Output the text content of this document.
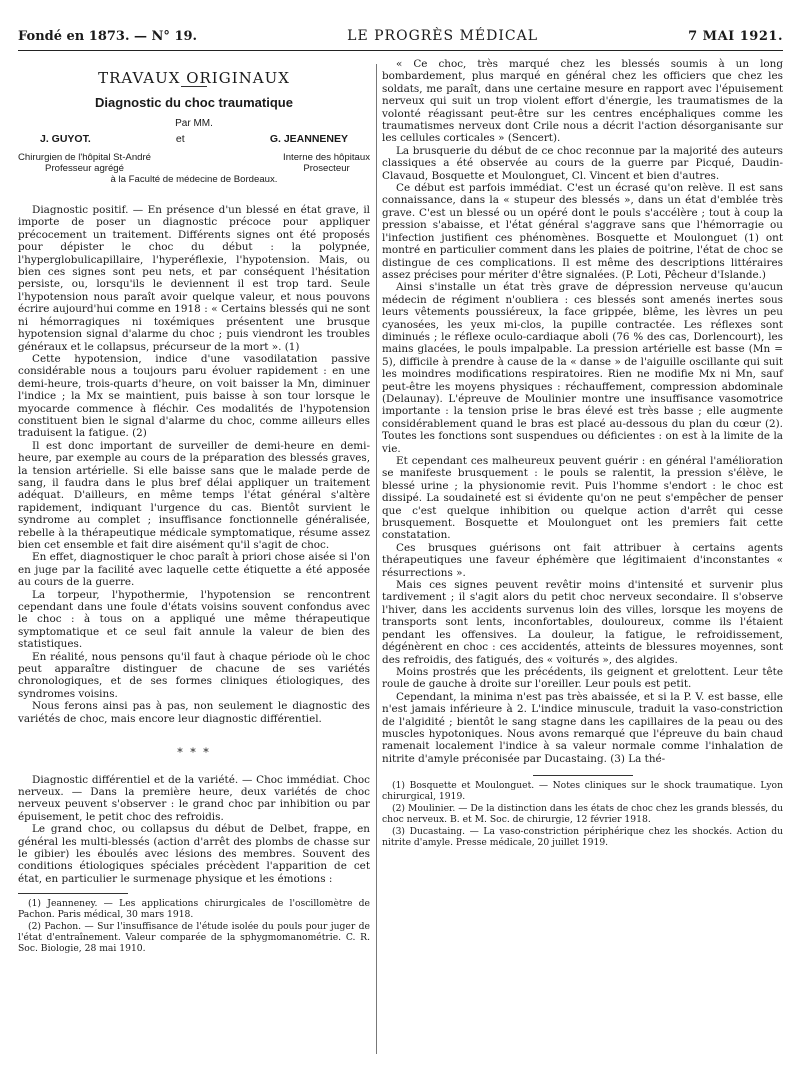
Fondé en 1873. — N° 19.	LE PROGRÈS MÉDICAL	7 MAI 1921.
TRAVAUX ORIGINAUX
Diagnostic du choc traumatique
Par MM.
J. GUYOT.	et	G. JEANNENEY
Chirurgien de l'hôpital St-André
Professeur agrégé
Interne des hôpitaux
Prosecteur
à la Faculté de médecine de Bordeaux.

Diagnostic positif. — En présence d'un blessé en état grave, il importe de poser un diagnostic précoce pour appliquer précocement un traitement. Différents signes ont été proposés pour dépister le choc du début : la polypnée, l'hyperglobulicapillaire, l'hyperéflexie, l'hypotension. Mais, ou bien ces signes sont peu nets, et par conséquent l'hésitation persiste, ou, lorsqu'ils le deviennent il est trop tard. Seule l'hypotension nous paraît avoir quelque valeur, et nous pouvons écrire aujourd'hui comme en 1918 : « Certains blessés qui ne sont ni hémorragiques ni toxémiques présentent une brusque hypotension signal d'alarme du choc ; puis viendront les troubles généraux et le collapsus, précurseur de la mort ». (1)

Cette hypotension, indice d'une vasodilatation passive considérable nous a toujours paru évoluer rapidement : en une demi-heure, trois-quarts d'heure, on voit baisser la Mn, diminuer l'indice ; la Mx se maintient, puis baisse à son tour lorsque le myocarde commence à fléchir. Ces modalités de l'hypotension constituent bien le signal d'alarme du choc, comme ailleurs elles traduisent la fatigue. (2)

Il est donc important de surveiller de demi-heure en demi-heure, par exemple au cours de la préparation des blessés graves, la tension artérielle. Si elle baisse sans que le malade perde de sang, il faudra dans le plus bref délai appliquer un traitement adéquat. D'ailleurs, en même temps l'état général s'altère rapidement, indiquant l'urgence du cas. Bientôt survient le syndrome au complet ; insuffisance fonctionnelle généralisée, rebelle à la thérapeutique médicale symptomatique, résume assez bien cet ensemble et fait dire aisément qu'il s'agit de choc.

En effet, diagnostiquer le choc paraît à priori chose aisée si l'on en juge par la facilité avec laquelle cette étiquette a été apposée au cours de la guerre.

La torpeur, l'hypothermie, l'hypotension se rencontrent cependant dans une foule d'états voisins souvent confondus avec le choc : à tous on a appliqué une même thérapeutique symptomatique et ce seul fait annule la valeur de bien des statistiques.

En réalité, nous pensons qu'il faut à chaque période où le choc peut apparaître distinguer de chacune de ses variétés chronologiques, et de ses formes cliniques étiologiques, des syndromes voisins.

Nous ferons ainsi pas à pas, non seulement le diagnostic des variétés de choc, mais encore leur diagnostic différentiel.

* * *

Diagnostic différentiel et de la variété. — Choc immédiat. Choc nerveux. — Dans la première heure, deux variétés de choc nerveux peuvent s'observer : le grand choc par inhibition ou par épuisement, le petit choc des refroidis.

Le grand choc, ou collapsus du début de Delbet, frappe, en général les multi-blessés (action d'arrêt des plombs de chasse sur le gibier) les éboulés avec lésions des membres. Souvent des conditions étiologiques spéciales précèdent l'apparition de cet état, en particulier le surmenage physique et les émotions :

(1) Jeanneney. — Les applications chirurgicales de l'oscillomètre de Pachon. Paris médical, 30 mars 1918.

(2) Pachon. — Sur l'insuffisance de l'étude isolée du pouls pour juger de l'état d'entraînement. Valeur comparée de la sphygmomanométrie. C. R. Soc. Biologie, 28 mai 1910.

« Ce choc, très marqué chez les blessés soumis à un long bombardement, plus marqué en général chez les officiers que chez les soldats, me paraît, dans une certaine mesure en rapport avec l'épuisement nerveux qui suit un trop violent effort d'énergie, les traumatismes de la volonté réagissant peut-être sur les centres encéphaliques comme les traumatismes nerveux dont Crile nous a décrit l'action désorganisante sur les cellules corticales » (Sencert).

La brusquerie du début de ce choc reconnue par la majorité des auteurs classiques a été observée au cours de la guerre par Picqué, Daudin-Clavaud, Bosquette et Moulonguet, Cl. Vincent et bien d'autres.

Ce début est parfois immédiat. C'est un écrasé qu'on relève. Il est sans connaissance, dans la « stupeur des blessés », dans un état d'emblée très grave. C'est un blessé ou un opéré dont le pouls s'accélère ; tout à coup la pression s'abaisse, et l'état général s'aggrave sans que l'hémorragie ou l'infection justifient ces phénomènes. Bosquette et Moulonguet (1) ont montré en particulier comment dans les plaies de poitrine, l'état de choc se distingue de ces complications. Il est même des descriptions littéraires assez précises pour mériter d'être signalées. (P. Loti, Pêcheur d'Islande.)

Ainsi s'installe un état très grave de dépression nerveuse qu'aucun médecin de régiment n'oubliera : ces blessés sont amenés inertes sous leurs vêtements poussiéreux, la face grippée, blême, les lèvres un peu cyanosées, les yeux mi-clos, la pupille contractée. Les réflexes sont diminués ; le réflexe oculo-cardiaque aboli (76 % des cas, Dorlencourt), les mains glacées, le pouls impalpable. La pression artérielle est basse (Mn = 5), difficile à prendre à cause de la « danse » de l'aiguille oscillante qui suit les moindres modifications respiratoires. Rien ne modifie Mx ni Mn, sauf peut-être les moyens physiques : réchauffement, compression abdominale (Delaunay). L'épreuve de Moulinier montre une insuffisance vasomotrice importante : la tension prise le bras élevé est très basse ; elle augmente considérablement quand le bras est placé au-dessous du plan du cœur (2). Toutes les fonctions sont suspendues ou déficientes : on est à la limite de la vie.

Et cependant ces malheureux peuvent guérir : en général l'amélioration se manifeste brusquement : le pouls se ralentit, la pression s'élève, le blessé urine ; la physionomie revit. Puis l'homme s'endort : le choc est dissipé. La soudaineté est si évidente qu'on ne peut s'empêcher de penser que c'est quelque inhibition ou quelque action d'arrêt qui cesse brusquement. Bosquette et Moulonguet ont les premiers fait cette constatation.

Ces brusques guérisons ont fait attribuer à certains agents thérapeutiques une faveur éphémère que légitimaient d'inconstantes « résurrections ».

Mais ces signes peuvent revêtir moins d'intensité et survenir plus tardivement ; il s'agit alors du petit choc nerveux secondaire. Il s'observe l'hiver, dans les accidents survenus loin des villes, lorsque les moyens de transports sont lents, inconfortables, douloureux, comme ils l'étaient pendant les offensives. La douleur, la fatigue, le refroidissement, dégénèrent en choc : ces accidentés, atteints de blessures moyennes, sont des refroidis, des fatigués, des « voiturés », des algides.

Moins prostrés que les précédents, ils geignent et grelottent. Leur tête roule de gauche à droite sur l'oreiller. Leur pouls est petit.

Cependant, la minima n'est pas très abaissée, et si la P. V. est basse, elle n'est jamais inférieure à 2. L'indice minuscule, traduit la vaso-constriction de l'algidité ; bientôt le sang stagne dans les capillaires de la peau ou des muscles hypotoniques. Nous avons remarqué que l'épreuve du bain chaud ramenait localement l'indice à sa valeur normale comme l'inhalation de nitrite d'amyle préconisée par Ducastaing. (3) La thé-

(1) Bosquette et Moulonguet. — Notes cliniques sur le shock traumatique. Lyon chirurgical, 1919.

(2) Moulinier. — De la distinction dans les états de choc chez les grands blessés, du choc nerveux. B. et M. Soc. de chirurgie, 12 février 1918.

(3) Ducastaing. — La vaso-constriction périphérique chez les shockés. Action du nitrite d'amyle. Presse médicale, 20 juillet 1919.
